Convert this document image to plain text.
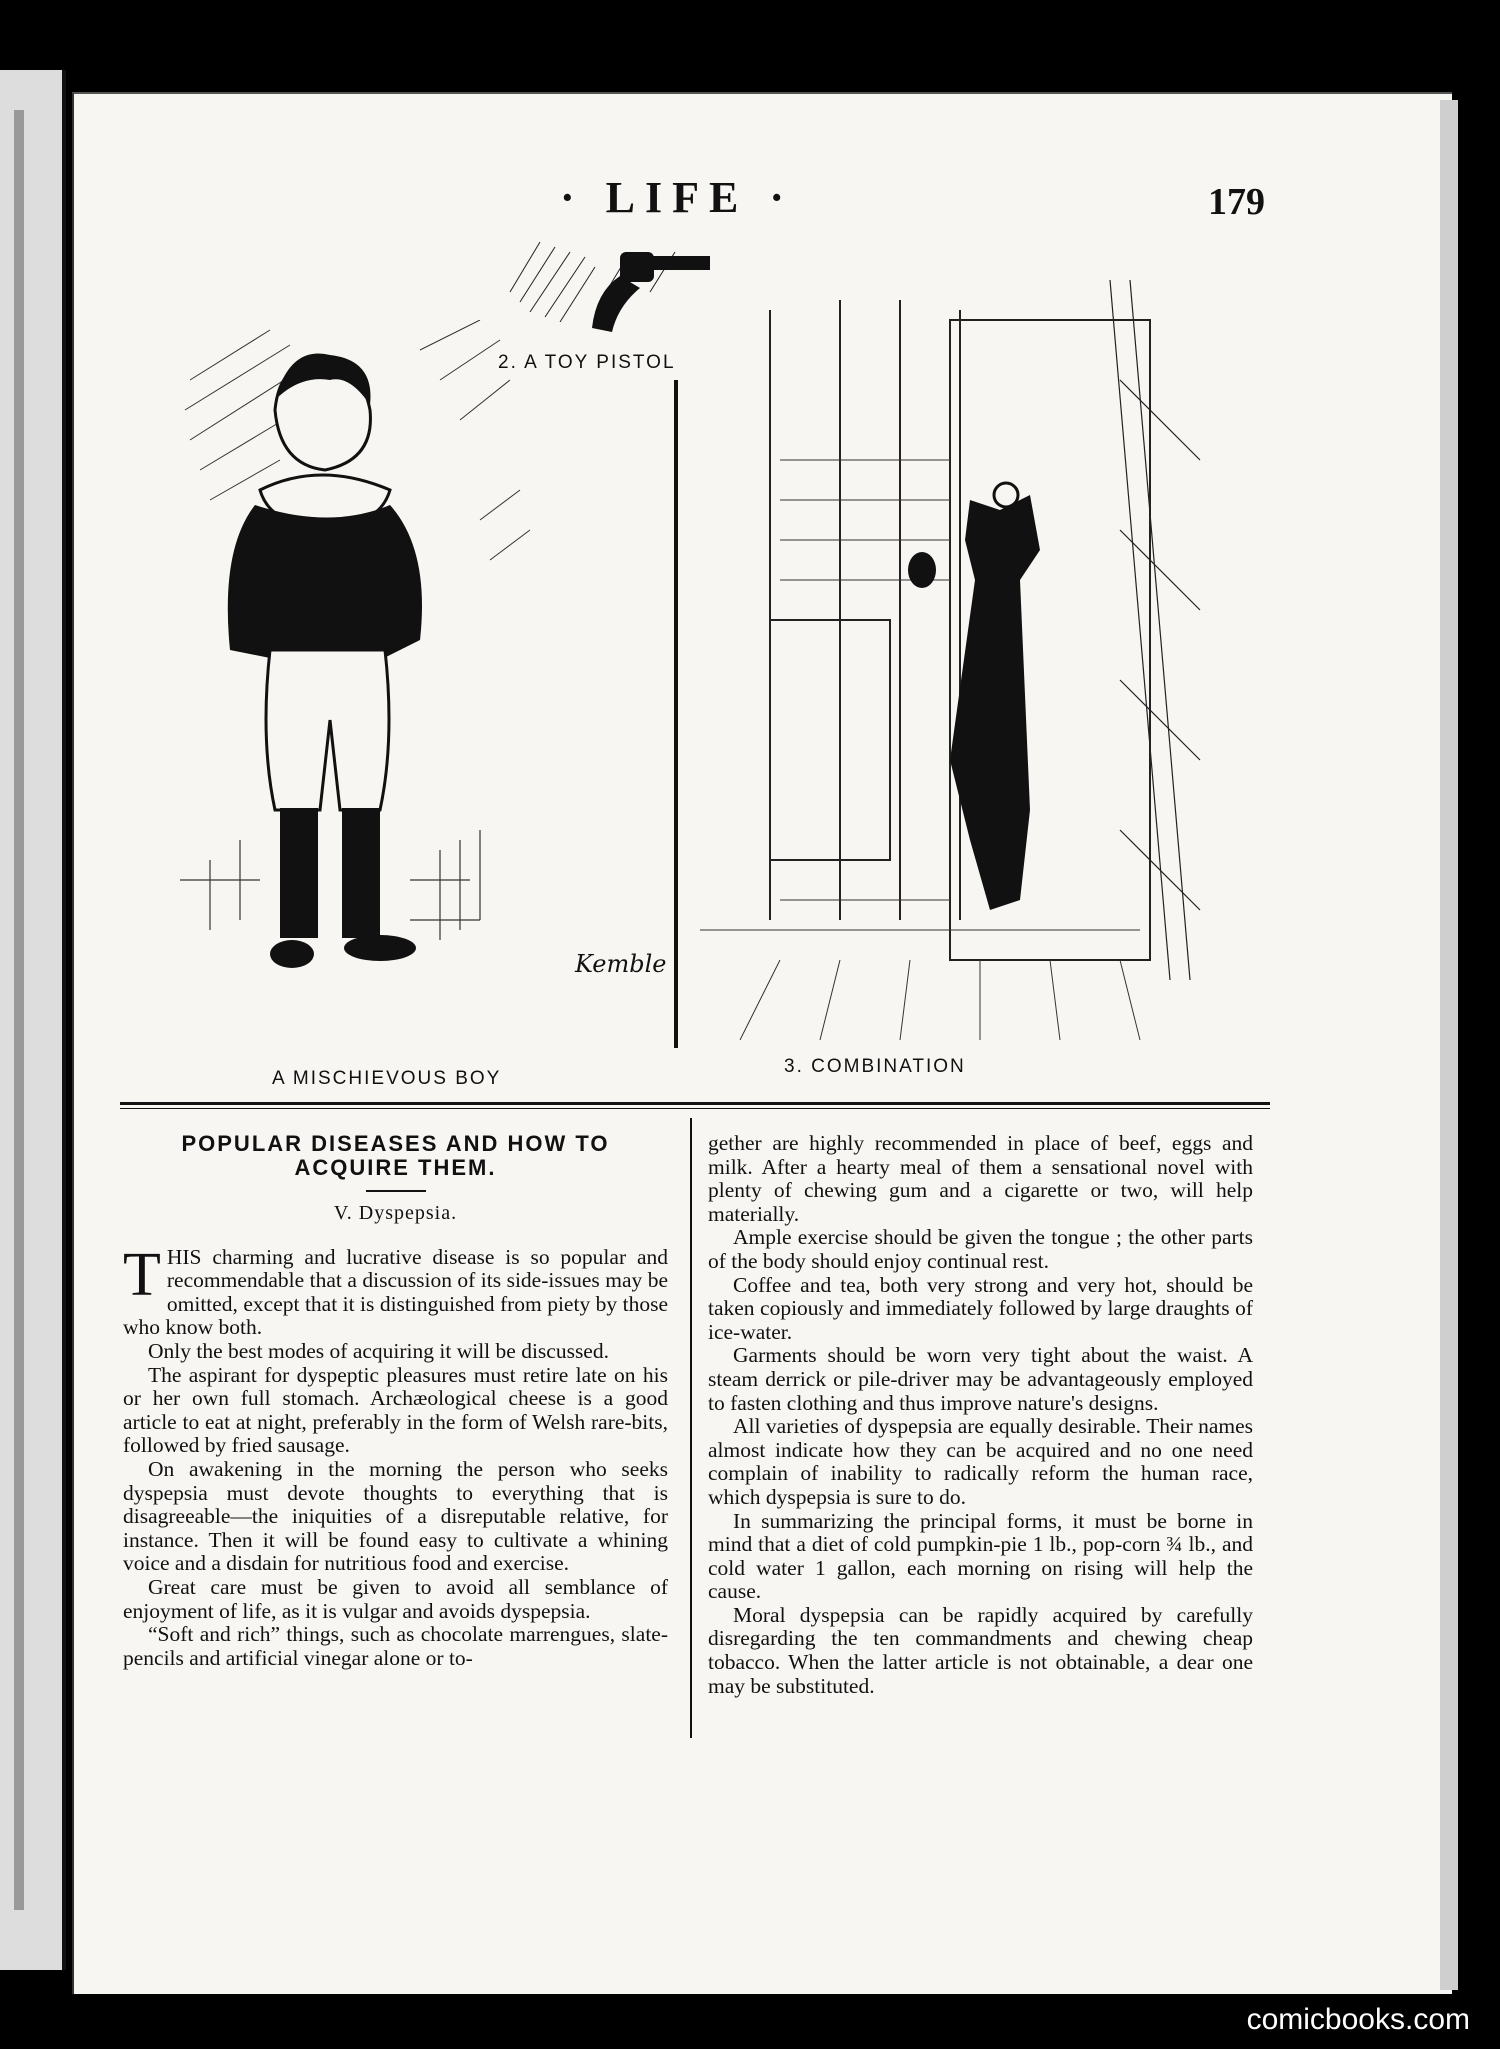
· LIFE ·	179
2. A TOY PISTOL
Kemble
A MISCHIEVOUS BOY
3. COMBINATION
POPULAR DISEASES AND HOW TO ACQUIRE THEM.
V. Dyspepsia.

THIS charming and lucrative disease is so popular and recommendable that a discussion of its side-issues may be omitted, except that it is distinguished from piety by those who know both.

Only the best modes of acquiring it will be discussed.

The aspirant for dyspeptic pleasures must retire late on his or her own full stomach. Archæological cheese is a good article to eat at night, preferably in the form of Welsh rare-bits, followed by fried sausage.

On awakening in the morning the person who seeks dyspepsia must devote thoughts to everything that is disagreeable—the iniquities of a disreputable relative, for instance. Then it will be found easy to cultivate a whining voice and a disdain for nutritious food and exercise.

Great care must be given to avoid all semblance of enjoyment of life, as it is vulgar and avoids dyspepsia.

“Soft and rich” things, such as chocolate marrengues, slate-pencils and artificial vinegar alone or to-

gether are highly recommended in place of beef, eggs and milk. After a hearty meal of them a sensational novel with plenty of chewing gum and a cigarette or two, will help materially.

Ample exercise should be given the tongue ; the other parts of the body should enjoy continual rest.

Coffee and tea, both very strong and very hot, should be taken copiously and immediately followed by large draughts of ice-water.

Garments should be worn very tight about the waist. A steam derrick or pile-driver may be advantageously employed to fasten clothing and thus improve nature's designs.

All varieties of dyspepsia are equally desirable. Their names almost indicate how they can be acquired and no one need complain of inability to radically reform the human race, which dyspepsia is sure to do.

In summarizing the principal forms, it must be borne in mind that a diet of cold pumpkin-pie 1 lb., pop-corn ¾ lb., and cold water 1 gallon, each morning on rising will help the cause.

Moral dyspepsia can be rapidly acquired by carefully disregarding the ten commandments and chewing cheap tobacco. When the latter article is not obtainable, a dear one may be substituted.

comicbooks.com
